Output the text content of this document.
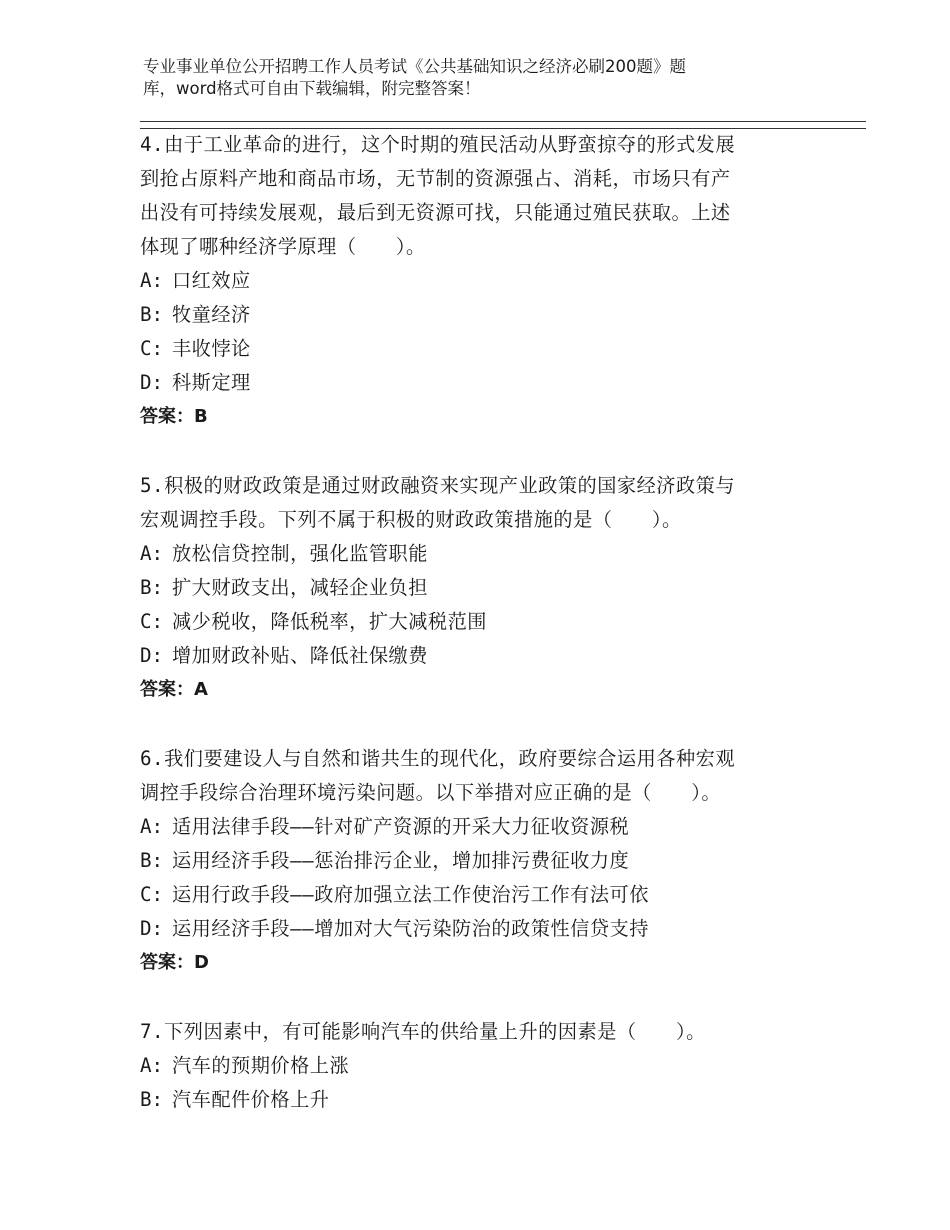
专业事业单位公开招聘工作人员考试《公共基础知识之经济必刷200题》题
库，word格式可自由下载编辑，附完整答案！
4.由于工业革命的进行，这个时期的殖民活动从野蛮掠夺的形式发展
到抢占原料产地和商品市场，无节制的资源强占、消耗，市场只有产
出没有可持续发展观，最后到无资源可找，只能通过殖民获取。上述
体现了哪种经济学原理（　　）。
A: 口红效应
B: 牧童经济
C: 丰收悖论
D: 科斯定理
答案：B
5.积极的财政政策是通过财政融资来实现产业政策的国家经济政策与
宏观调控手段。下列不属于积极的财政政策措施的是（　　）。
A: 放松信贷控制，强化监管职能
B: 扩大财政支出，减轻企业负担
C: 减少税收，降低税率，扩大减税范围
D: 增加财政补贴、降低社保缴费
答案：A
6.我们要建设人与自然和谐共生的现代化，政府要综合运用各种宏观
调控手段综合治理环境污染问题。以下举措对应正确的是（　　）。
A: 适用法律手段——针对矿产资源的开采大力征收资源税
B: 运用经济手段——惩治排污企业，增加排污费征收力度
C: 运用行政手段——政府加强立法工作使治污工作有法可依
D: 运用经济手段——增加对大气污染防治的政策性信贷支持
答案：D
7.下列因素中，有可能影响汽车的供给量上升的因素是（　　）。
A: 汽车的预期价格上涨
B: 汽车配件价格上升
